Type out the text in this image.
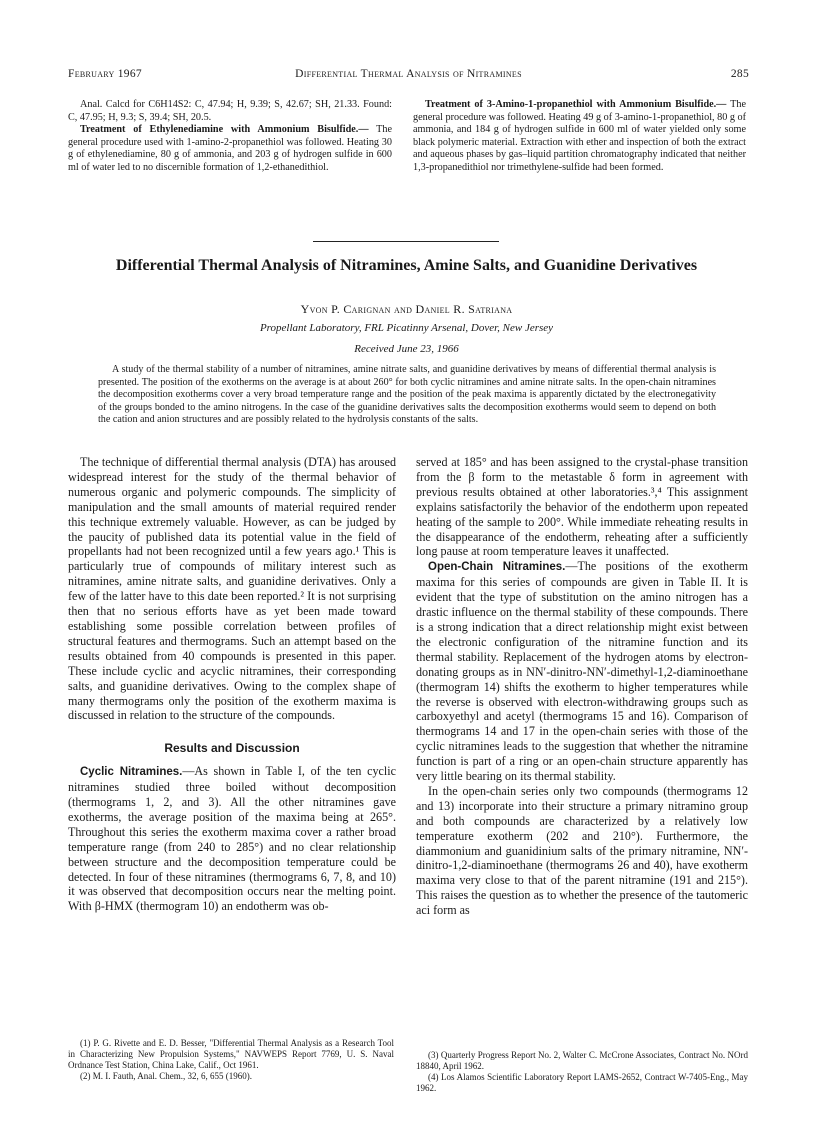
February 1967	Differential Thermal Analysis of Nitramines	285

Anal. Calcd for C6H14S2: C, 47.94; H, 9.39; S, 42.67; SH, 21.33. Found: C, 47.95; H, 9.3; S, 39.4; SH, 20.5.

Treatment of Ethylenediamine with Ammonium Bisulfide.— The general procedure used with 1-amino-2-propanethiol was followed. Heating 30 g of ethylenediamine, 80 g of ammonia, and 203 g of hydrogen sulfide in 600 ml of water led to no discernible formation of 1,2-ethanedithiol.

Treatment of 3-Amino-1-propanethiol with Ammonium Bisulfide.— The general procedure was followed. Heating 49 g of 3-amino-1-propanethiol, 80 g of ammonia, and 184 g of hydrogen sulfide in 600 ml of water yielded only some black polymeric material. Extraction with ether and inspection of both the extract and aqueous phases by gas–liquid partition chromatography indicated that neither 1,3-propanedithiol nor trimethylene-sulfide had been formed.

Differential Thermal Analysis of Nitramines, Amine Salts, and Guanidine Derivatives
Yvon P. Carignan and Daniel R. Satriana
Propellant Laboratory, FRL Picatinny Arsenal, Dover, New Jersey
Received June 23, 1966

A study of the thermal stability of a number of nitramines, amine nitrate salts, and guanidine derivatives by means of differential thermal analysis is presented. The position of the exotherms on the average is at about 260° for both cyclic nitramines and amine nitrate salts. In the open-chain nitramines the decomposition exotherms cover a very broad temperature range and the position of the peak maxima is apparently dictated by the electronegativity of the groups bonded to the amino nitrogens. In the case of the guanidine derivatives salts the decomposition exotherms would seem to depend on both the cation and anion structures and are possibly related to the hydrolysis constants of the salts.

The technique of differential thermal analysis (DTA) has aroused widespread interest for the study of the thermal behavior of numerous organic and polymeric compounds. The simplicity of manipulation and the small amounts of material required render this technique extremely valuable. However, as can be judged by the paucity of published data its potential value in the field of propellants had not been recognized until a few years ago.¹ This is particularly true of compounds of military interest such as nitramines, amine nitrate salts, and guanidine derivatives. Only a few of the latter have to this date been reported.² It is not surprising then that no serious efforts have as yet been made toward establishing some possible correlation between profiles of structural features and thermograms. Such an attempt based on the results obtained from 40 compounds is presented in this paper. These include cyclic and acyclic nitramines, their corresponding salts, and guanidine derivatives. Owing to the complex shape of many thermograms only the position of the exotherm maxima is discussed in relation to the structure of the compounds.

Results and Discussion

Cyclic Nitramines.—As shown in Table I, of the ten cyclic nitramines studied three boiled without decomposition (thermograms 1, 2, and 3). All the other nitramines gave exotherms, the average position of the maxima being at 265°. Throughout this series the exotherm maxima cover a rather broad temperature range (from 240 to 285°) and no clear relationship between structure and the decomposition temperature could be detected. In four of these nitramines (thermograms 6, 7, 8, and 10) it was observed that decomposition occurs near the melting point. With β-HMX (thermogram 10) an endotherm was ob-

served at 185° and has been assigned to the crystal-phase transition from the β form to the metastable δ form in agreement with previous results obtained at other laboratories.³,⁴ This assignment explains satisfactorily the behavior of the endotherm upon repeated heating of the sample to 200°. While immediate reheating results in the disappearance of the endotherm, reheating after a sufficiently long pause at room temperature leaves it unaffected.

Open-Chain Nitramines.—The positions of the exotherm maxima for this series of compounds are given in Table II. It is evident that the type of substitution on the amino nitrogen has a drastic influence on the thermal stability of these compounds. There is a strong indication that a direct relationship might exist between the electronic configuration of the nitramine function and its thermal stability. Replacement of the hydrogen atoms by electron-donating groups as in NN′-dinitro-NN′-dimethyl-1,2-diaminoethane (thermogram 14) shifts the exotherm to higher temperatures while the reverse is observed with electron-withdrawing groups such as carboxyethyl and acetyl (thermograms 15 and 16). Comparison of thermograms 14 and 17 in the open-chain series with those of the cyclic nitramines leads to the suggestion that whether the nitramine function is part of a ring or an open-chain structure apparently has very little bearing on its thermal stability.

In the open-chain series only two compounds (thermograms 12 and 13) incorporate into their structure a primary nitramino group and both compounds are characterized by a relatively low temperature exotherm (202 and 210°). Furthermore, the diammonium and guanidinium salts of the primary nitramine, NN′-dinitro-1,2-diaminoethane (thermograms 26 and 40), have exotherm maxima very close to that of the parent nitramine (191 and 215°). This raises the question as to whether the presence of the tautomeric aci form as

(1) P. G. Rivette and E. D. Besser, "Differential Thermal Analysis as a Research Tool in Characterizing New Propulsion Systems," NAVWEPS Report 7769, U. S. Naval Ordnance Test Station, China Lake, Calif., Oct 1961.

(2) M. I. Fauth, Anal. Chem., 32, 6, 655 (1960).

(3) Quarterly Progress Report No. 2, Walter C. McCrone Associates, Contract No. NOrd 18840, April 1962.

(4) Los Alamos Scientific Laboratory Report LAMS-2652, Contract W-7405-Eng., May 1962.
